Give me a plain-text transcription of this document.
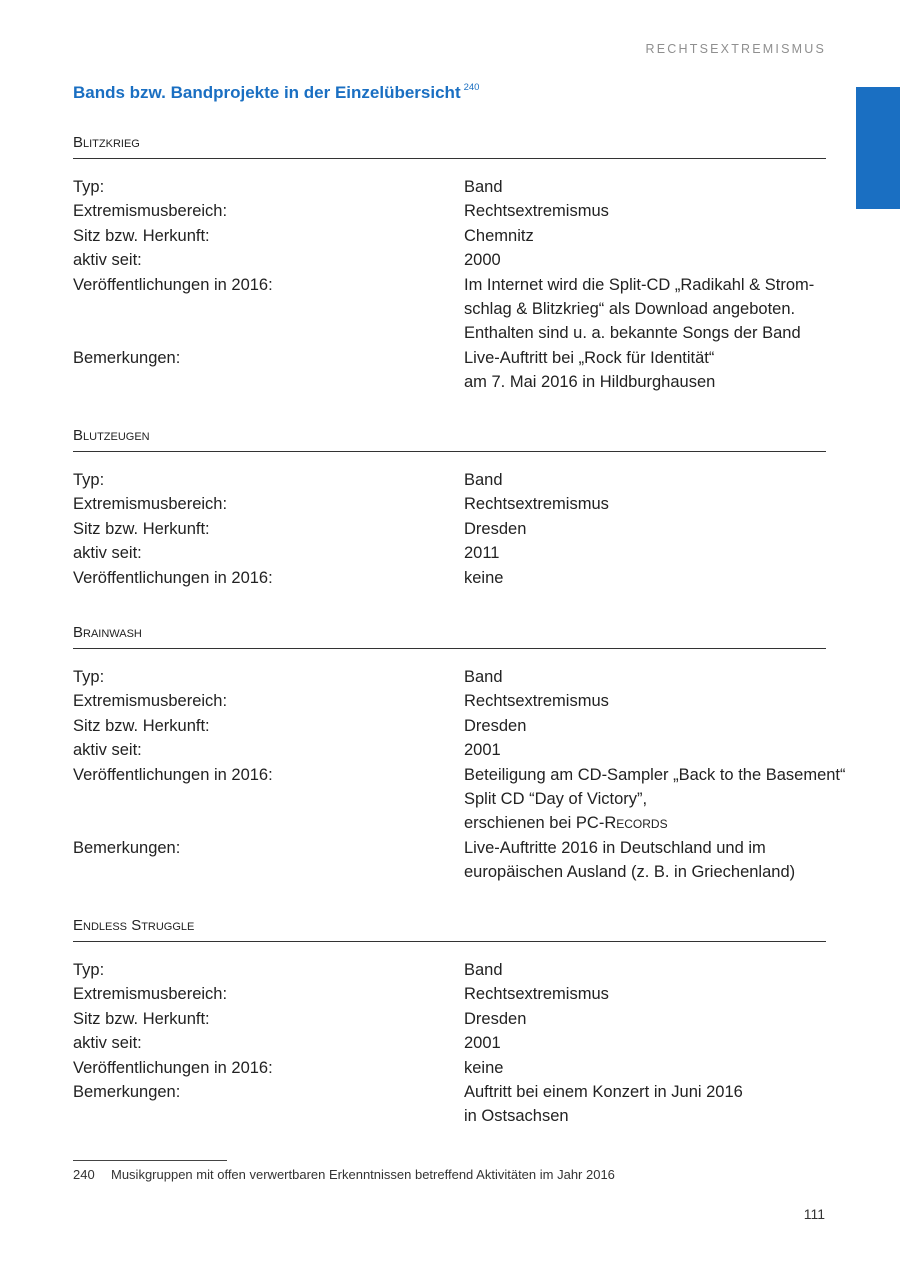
RECHTSEXTREMISMUS
Bands bzw. Bandprojekte in der Einzelübersicht $^{240}$
Blitzkrieg
Typ:	Band
Extremismusbereich:	Rechtsextremismus
Sitz bzw. Herkunft:	Chemnitz
aktiv seit:	2000
Veröffentlichungen in 2016:	Im Internet wird die Split-CD „Radikahl & Strom-
schlag & Blitzkrieg“ als Download angeboten.
Enthalten sind u. a. bekannte Songs der Band
Bemerkungen:	Live-Auftritt bei „Rock für Identität“
am 7. Mai 2016 in Hildburghausen
Blutzeugen
Typ:	Band
Extremismusbereich:	Rechtsextremismus
Sitz bzw. Herkunft:	Dresden
aktiv seit:	2011
Veröffentlichungen in 2016:	keine
Brainwash
Typ:	Band
Extremismusbereich:	Rechtsextremismus
Sitz bzw. Herkunft:	Dresden
aktiv seit:	2001
Veröffentlichungen in 2016:	Beteiligung am CD-Sampler „Back to the Basement“
Split CD “Day of Victory”,
erschienen bei PC-Records
Bemerkungen:	Live-Auftritte 2016 in Deutschland und im
europäischen Ausland (z. B. in Griechenland)
Endless Struggle
Typ:	Band
Extremismusbereich:	Rechtsextremismus
Sitz bzw. Herkunft:	Dresden
aktiv seit:	2001
Veröffentlichungen in 2016:	keine
Bemerkungen:	Auftritt bei einem Konzert in Juni 2016
in Ostsachsen
240 Musikgruppen mit offen verwertbaren Erkenntnissen betreffend Aktivitäten im Jahr 2016
111
